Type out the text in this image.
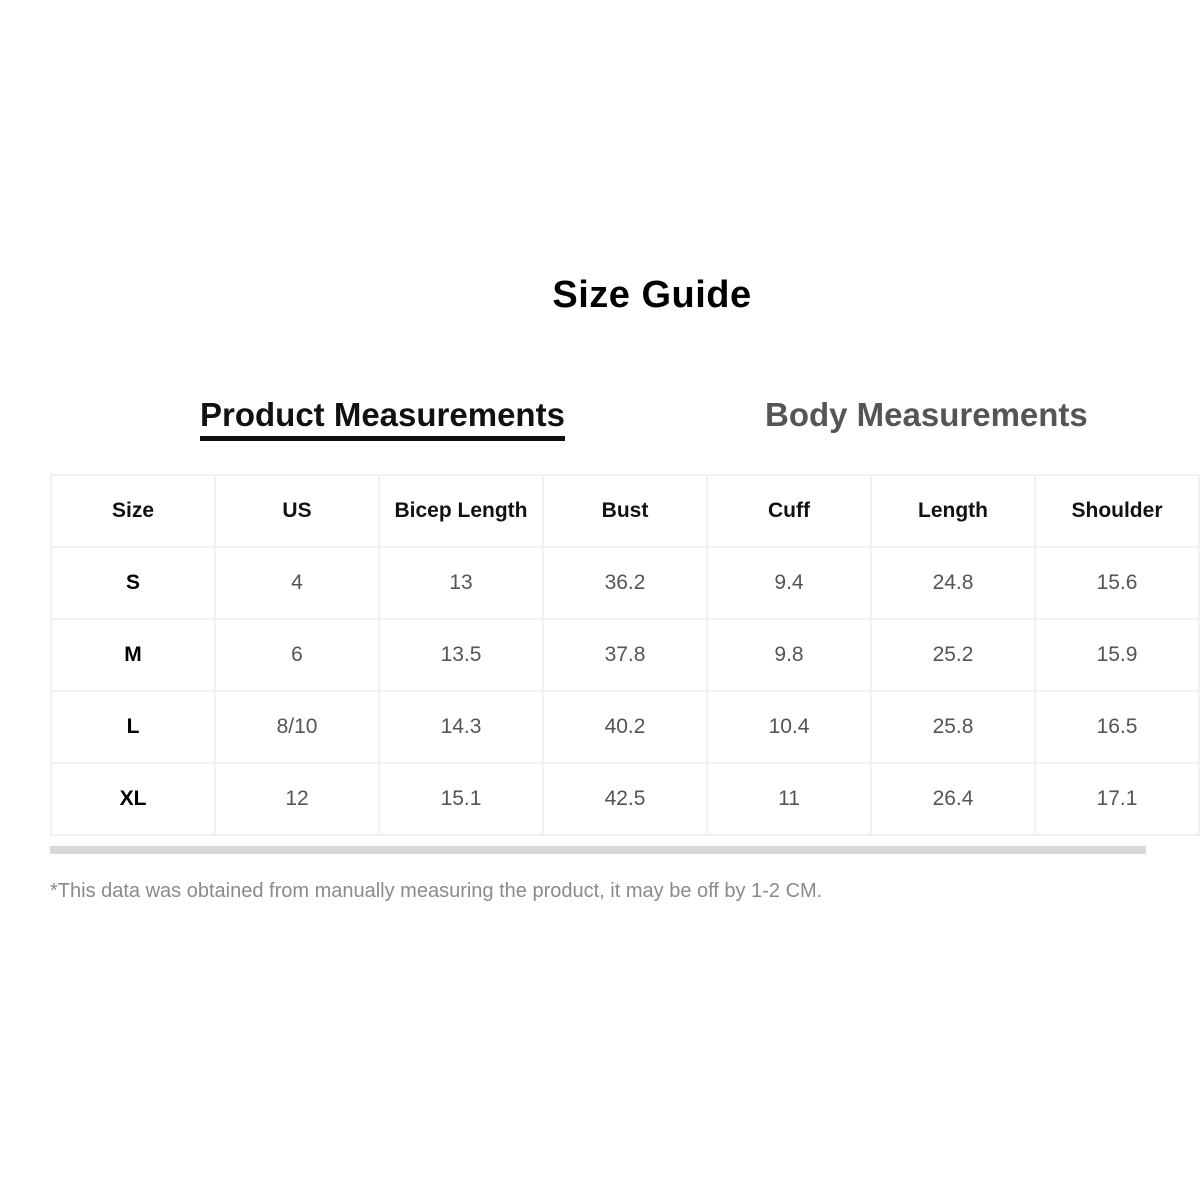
Size Guide
Product Measurements	Body Measurements
Size	US	Bicep Length	Bust	Cuff	Length	Shoulder
S	4	13	36.2	9.4	24.8	15.6
M	6	13.5	37.8	9.8	25.2	15.9
L	8/10	14.3	40.2	10.4	25.8	16.5
XL	12	15.1	42.5	11	26.4	17.1
*This data was obtained from manually measuring the product, it may be off by 1-2 CM.
